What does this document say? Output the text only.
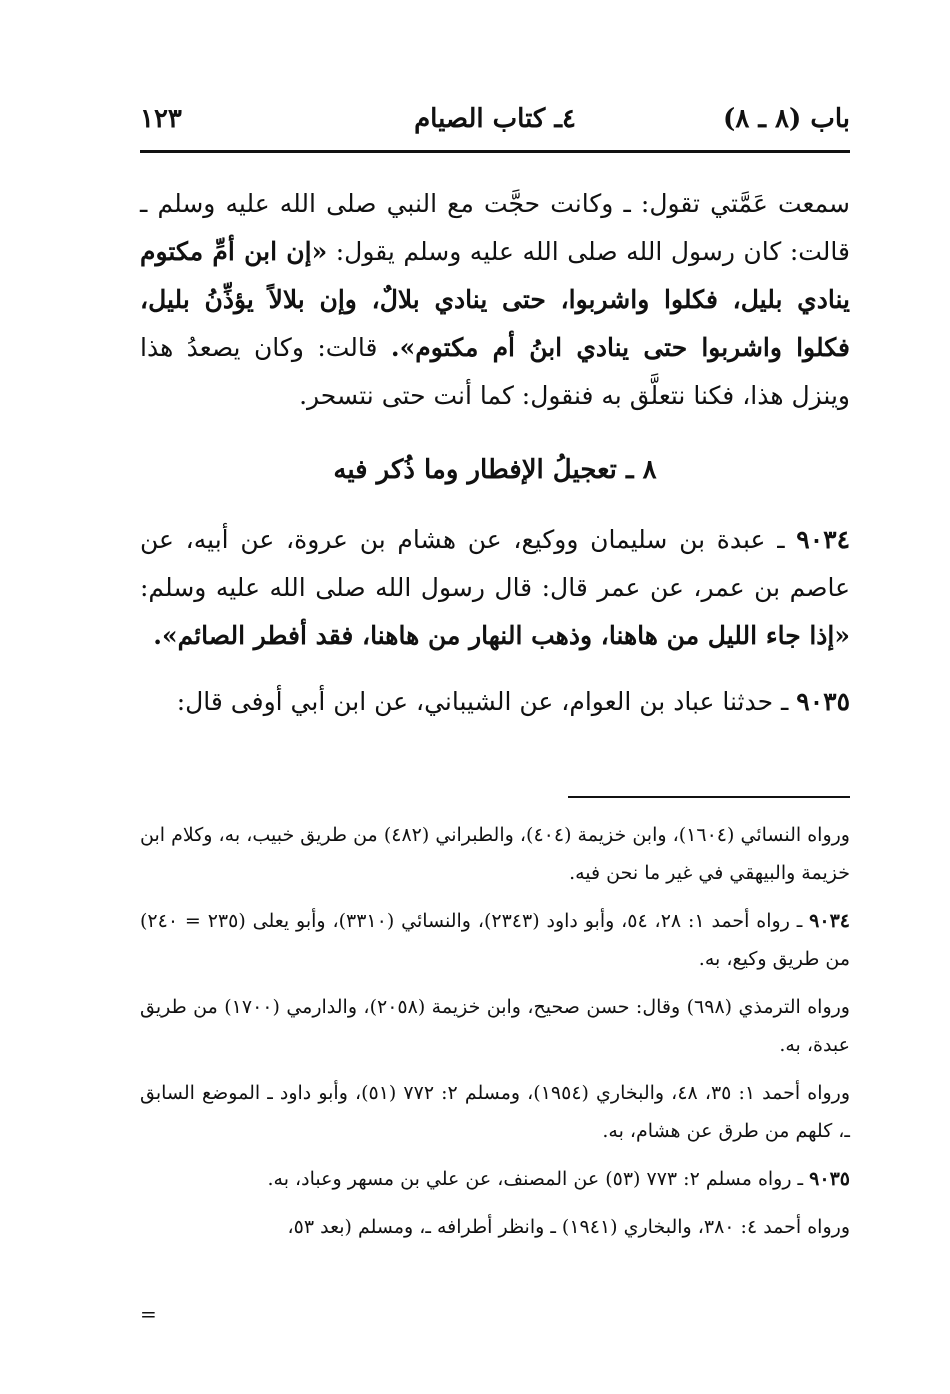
باب (٨ ـ ٨)
٤ـ كتاب الصيام
١٢٣

سمعت عَمَّتي تقول: ـ وكانت حجَّت مع النبي صلى الله عليه وسلم ـ قالت: كان رسول الله صلى الله عليه وسلم يقول: «إن ابن أمِّ مكتوم ينادي بليل، فكلوا واشربوا، حتى ينادي بلالٌ، وإن بلالاً يؤذِّنُ بليل، فكلوا واشربوا حتى ينادي ابنُ أم مكتوم». قالت: وكان يصعدُ هذا وينزل هذا، فكنا نتعلَّق به فنقول: كما أنت حتى نتسحر.

٨ ـ تعجيلُ الإفطار وما ذُكر فيه

٩٠٣٤ ـ عبدة بن سليمان ووكيع، عن هشام بن عروة، عن أبيه، عن عاصم بن عمر، عن عمر قال: قال رسول الله صلى الله عليه وسلم: «إذا جاء الليل من هاهنا، وذهب النهار من هاهنا، فقد أفطر الصائم».

٩٠٣٥ ـ حدثنا عباد بن العوام، عن الشيباني، عن ابن أبي أوفى قال:

ورواه النسائي (١٦٠٤)، وابن خزيمة (٤٠٤)، والطبراني (٤٨٢) من طريق خبيب، به، وكلام ابن خزيمة والبيهقي في غير ما نحن فيه.

٩٠٣٤ ـ رواه أحمد ١: ٢٨، ٥٤، وأبو داود (٢٣٤٣)، والنسائي (٣٣١٠)، وأبو يعلى (٢٣٥ = ٢٤٠) من طريق وكيع، به.

ورواه الترمذي (٦٩٨) وقال: حسن صحيح، وابن خزيمة (٢٠٥٨)، والدارمي (١٧٠٠) من طريق عبدة، به.

ورواه أحمد ١: ٣٥، ٤٨، والبخاري (١٩٥٤)، ومسلم ٢: ٧٧٢ (٥١)، وأبو داود ـ الموضع السابق ـ، كلهم من طرق عن هشام، به.

٩٠٣٥ ـ رواه مسلم ٢: ٧٧٣ (٥٣) عن المصنف، عن علي بن مسهر وعباد، به.

ورواه أحمد ٤: ٣٨٠، والبخاري (١٩٤١) ـ وانظر أطرافه ـ، ومسلم (بعد ٥٣،

=
